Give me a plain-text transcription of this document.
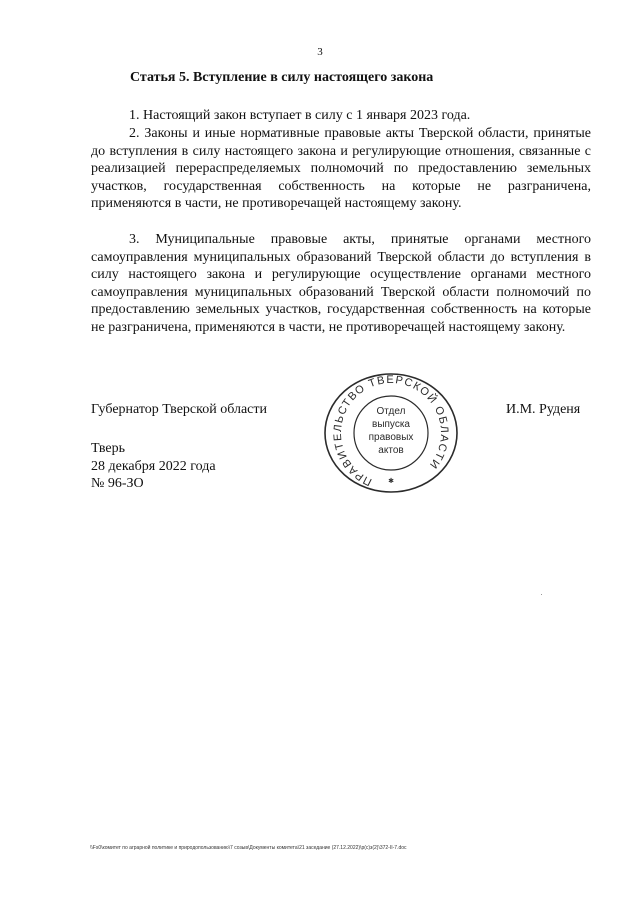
3
Статья 5. Вступление в силу настоящего закона

1. Настоящий закон вступает в силу с 1 января 2023 года.

2. Законы и иные нормативные правовые акты Тверской области, принятые до вступления в силу настоящего закона и регулирующие отношения, связанные с реализацией перераспределяемых полномочий по предоставлению земельных участков, государственная собственность на которые не разграничена, применяются в части, не противоречащей настоящему закону.

3. Муниципальные правовые акты, принятые органами местного самоуправления муниципальных образований Тверской области до вступления в силу настоящего закона и регулирующие осуществление органами местного самоуправления муниципальных образований Тверской области полномочий по предоставлению земельных участков, государственная собственность на которые не разграничена, применяются в части, не противоречащей настоящему закону.

Губернатор Тверской области	И.М. Руденя
ПРАВИТЕЛЬСТВО ТВЕРСКОЙ ОБЛАСТИ
Отдел
выпуска
правовых
актов
✱
Тверь
28 декабря 2022 года
№ 96-ЗО
\\Fs0\комитет по аграрной политике и природопользованию\7 созыв\Документы комитета\21 заседание (27.12.2022)\р(с)з(2)\372-II-7.doc
